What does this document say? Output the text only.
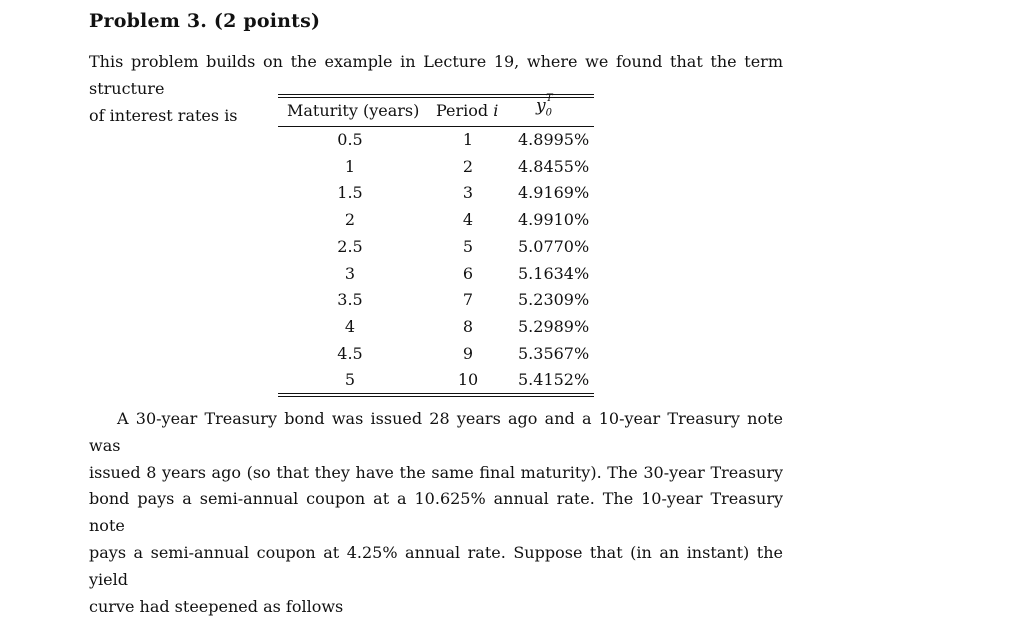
Problem 3. (2 points)
This problem builds on the example in Lecture 19, where we found that the term structure
of interest rates is	Maturity (years) Period i $y_0^T$
0.5	1	4.8995%
1	2	4.8455%
1.5	3	4.9169%
2	4	4.9910%
2.5	5	5.0770%
3	6	5.1634%
3.5	7	5.2309%
4	8	5.2989%
4.5	9	5.3567%
5	10	5.4152%
A 30-year Treasury bond was issued 28 years ago and a 10-year Treasury note was
issued 8 years ago (so that they have the same final maturity). The 30-year Treasury
bond pays a semi-annual coupon at a 10.625% annual rate. The 10-year Treasury note
pays a semi-annual coupon at 4.25% annual rate. Suppose that (in an instant) the yield
curve had steepened as follows
